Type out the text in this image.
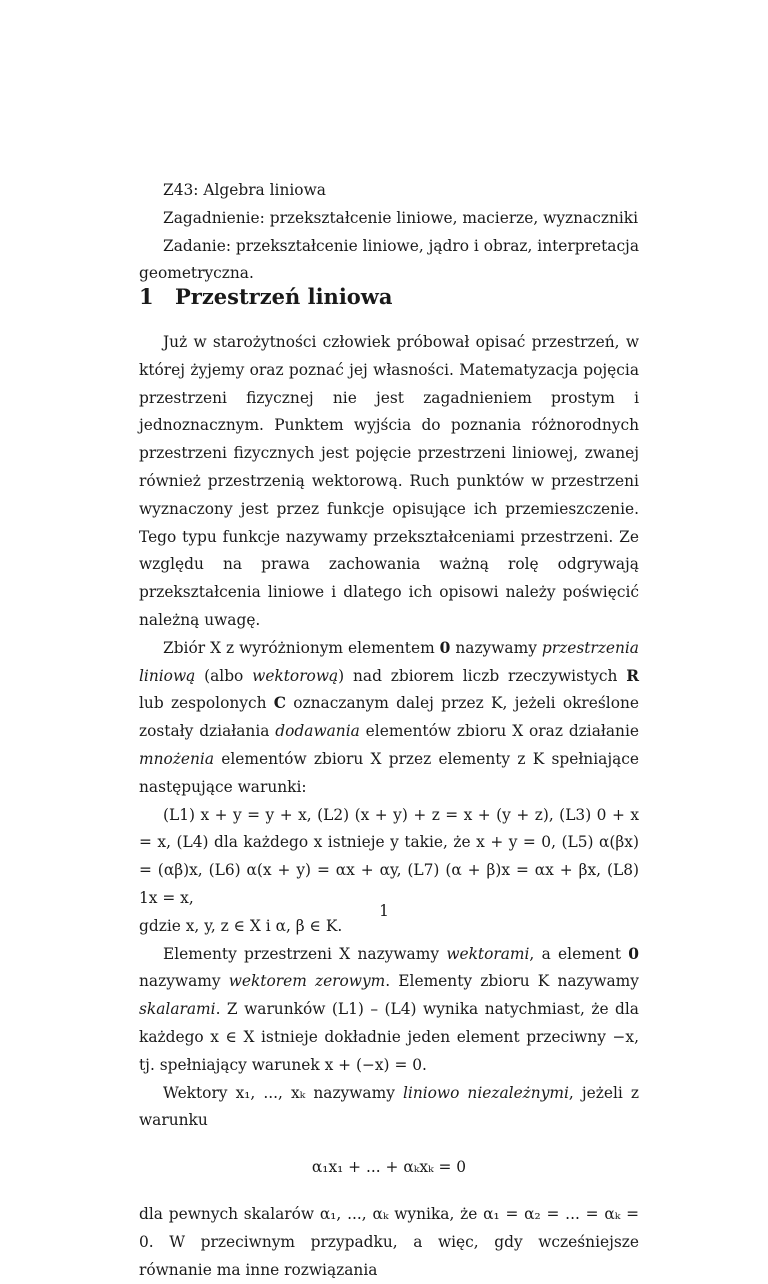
Z43: Algebra liniowa

Zagadnienie: przekształcenie liniowe, macierze, wyznaczniki

Zadanie: przekształcenie liniowe, jądro i obraz, interpretacja geometryczna.

1 Przestrzeń liniowa

Już w starożytności człowiek próbował opisać przestrzeń, w której żyjemy oraz poznać jej własności. Matematyzacja pojęcia przestrzeni fizycznej nie jest zagadnieniem prostym i jednoznacznym. Punktem wyjścia do poznania różnorodnych przestrzeni fizycznych jest pojęcie przestrzeni liniowej, zwanej również przestrzenią wektorową. Ruch punktów w przestrzeni wyznaczony jest przez funkcje opisujące ich przemieszczenie. Tego typu funkcje nazywamy przekształceniami przestrzeni. Ze względu na prawa zachowania ważną rolę odgrywają przekształcenia liniowe i dlatego ich opisowi należy poświęcić należną uwagę.

Zbiór X z wyróżnionym elementem 0 nazywamy przestrzenia liniową (albo wektorową) nad zbiorem liczb rzeczywistych R lub zespolonych C oznaczanym dalej przez K, jeżeli określone zostały działania dodawania elementów zbioru X oraz działanie mnożenia elementów zbioru X przez elementy z K spełniające następujące warunki:

(L1) x + y = y + x, (L2) (x + y) + z = x + (y + z), (L3) 0 + x = x, (L4) dla każdego x istnieje y takie, że x + y = 0, (L5) α(βx) = (αβ)x, (L6) α(x + y) = αx + αy, (L7) (α + β)x = αx + βx, (L8) 1x = x,

gdzie x, y, z ∈ X i α, β ∈ K.

Elementy przestrzeni X nazywamy wektorami, a element 0 nazywamy wektorem zerowym. Elementy zbioru K nazywamy skalarami. Z warunków (L1) – (L4) wynika natychmiast, że dla każdego x ∈ X istnieje dokładnie jeden element przeciwny −x, tj. spełniający warunek x + (−x) = 0.

Wektory x₁, ..., xₖ nazywamy liniowo niezależnymi, jeżeli z warunku

α₁x₁ + ... + αₖxₖ = 0

dla pewnych skalarów α₁, ..., αₖ wynika, że α₁ = α₂ = ... = αₖ = 0. W przeciwnym przypadku, a więc, gdy wcześniejsze równanie ma inne rozwiązania

1
